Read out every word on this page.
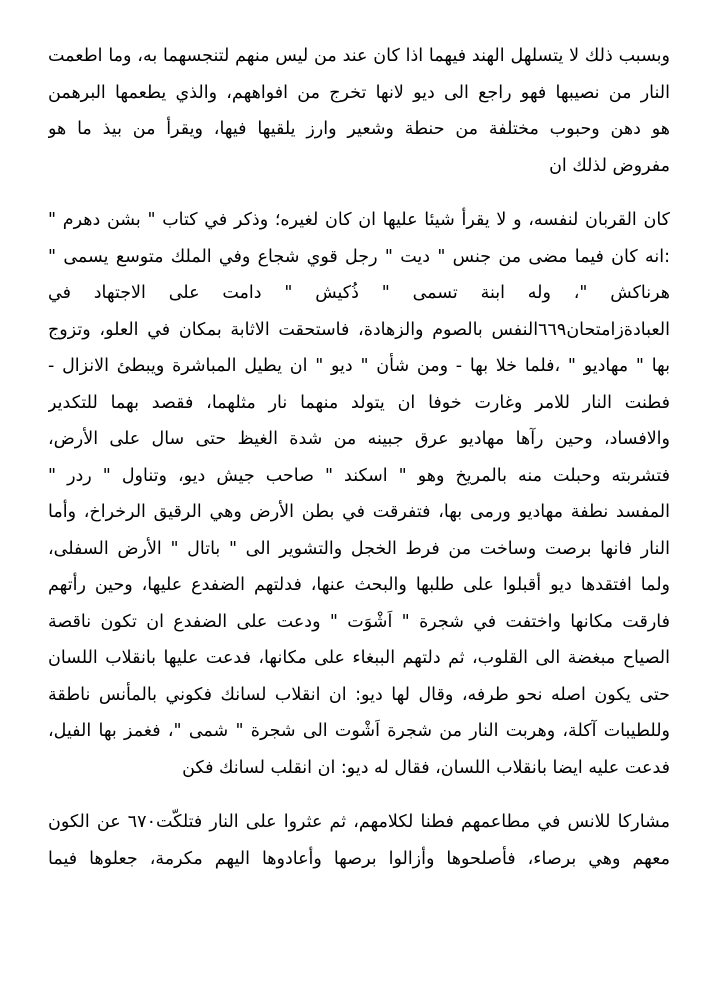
وبسبب ذلك لا يتسلهل الهند فيهما اذا كان عند من ليس منهم لتنجسهما به، وما اطعمت
النار من نصيبها فهو راجع الى ديو لانها تخرج من افواههم، والذي يطعمها البرهمن
هو دهن وحبوب مختلفة من حنطة وشعير وارز يلقيها فيها، ويقرأ من بيذ ما هو
مفروض لذلك ان
كان القربان لنفسه، و لا يقرأ شيئا عليها ان كان لغيره؛ وذكر في كتاب " بشن دهرم "
:انه كان فيما مضى من جنس " ديت " رجل قوي شجاع وفي الملك متوسع يسمى "
هرناكش "، وله ابنة تسمى " ذُكيش " دامت على الاجتهاد في
العبادةزامتحان٦٦٩النفس بالصوم والزهادة، فاستحقت الاثابة بمكان في العلو، وتزوج
بها " مهاديو " ،فلما خلا بها - ومن شأن " ديو " ان يطيل المباشرة ويبطئ الانزال -
فطنت النار للامر وغارت خوفا ان يتولد منهما نار مثلهما، فقصد بهما للتكدير
والافساد، وحين رآها مهاديو عرق جبينه من شدة الغيظ حتى سال على الأرض،
فتشربته وحبلت منه بالمريخ وهو " اسكند " صاحب جيش ديو، وتناول " ردر "
المفسد نطفة مهاديو ورمى بها، فتفرقت في بطن الأرض وهي الرقيق الرخراخ، وأما
النار فانها برصت وساخت من فرط الخجل والتشوير الى " باتال " الأرض السفلى،
ولما افتقدها ديو أقبلوا على طلبها والبحث عنها، فدلتهم الضفدع عليها، وحين رأتهم
فارقت مكانها واختفت في شجرة " اَشْوَت " ودعت على الضفدع ان تكون ناقصة
الصياح مبغضة الى القلوب، ثم دلتهم الببغاء على مكانها، فدعت عليها بانقلاب اللسان
حتى يكون اصله نحو طرفه، وقال لها ديو: ان انقلاب لسانك فكوني بالمأنس ناطقة
وللطيبات آكلة، وهربت النار من شجرة اَشْوت الى شجرة " شمى "، فغمز بها الفيل،
فدعت عليه ايضا بانقلاب اللسان، فقال له ديو: ان انقلب لسانك فكن
مشاركا للانس في مطاعمهم فطنا لكلامهم، ثم عثروا على النار فتلكّت٦٧٠ عن الكون
معهم وهي برصاء، فأصلحوها وأزالوا برصها وأعادوها اليهم مكرمة، جعلوها فيما
